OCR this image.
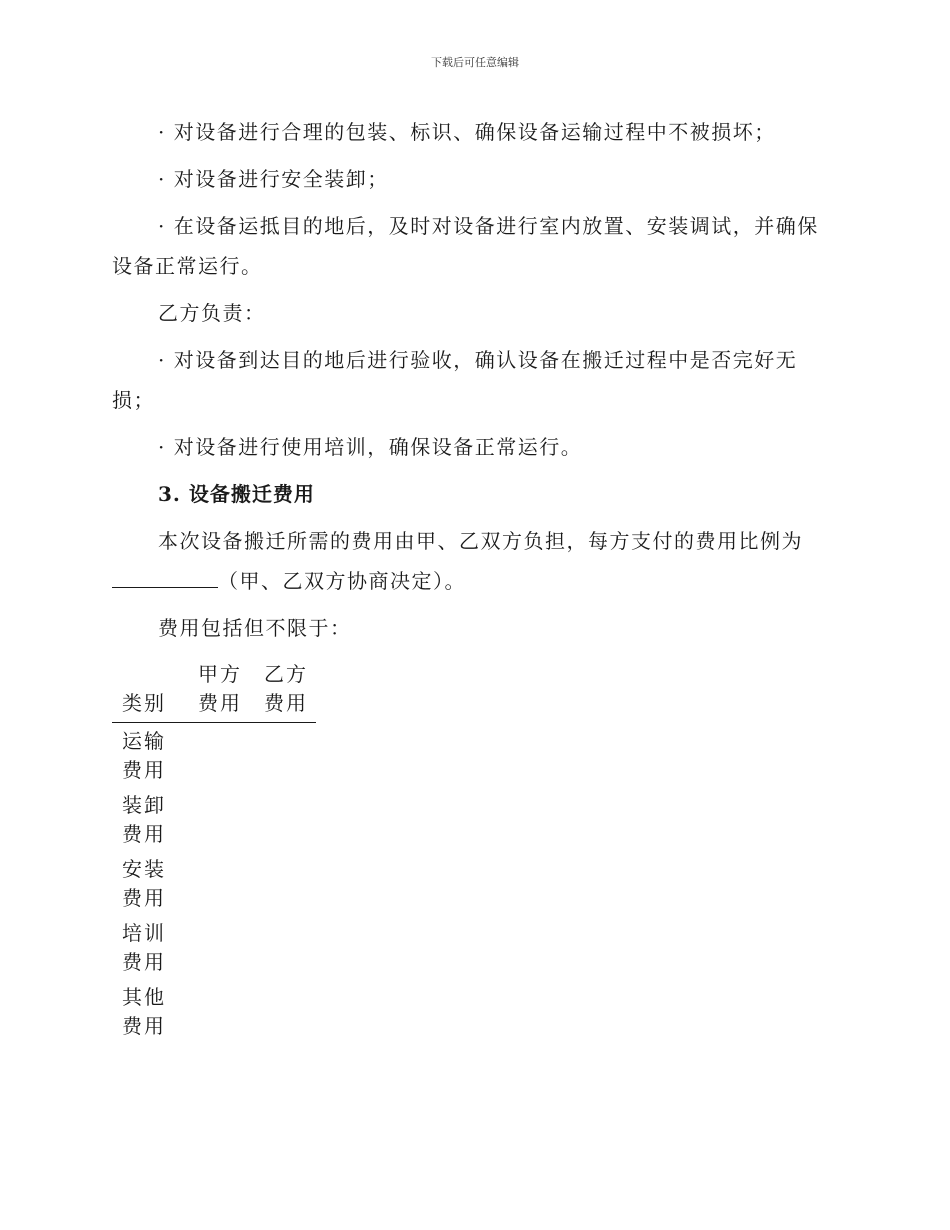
下载后可任意编辑

· 对设备进行合理的包装、标识、确保设备运输过程中不被损坏；

· 对设备进行安全装卸；

· 在设备运抵目的地后，及时对设备进行室内放置、安装调试，并确保设备正常运行。

乙方负责：

· 对设备到达目的地后进行验收，确认设备在搬迁过程中是否完好无损；

· 对设备进行使用培训，确保设备正常运行。

3. 设备搬迁费用

本次设备搬迁所需的费用由甲、乙双方负担，每方支付的费用比例为
（甲、乙双方协商决定）。

费用包括但不限于：

类别	甲方费用	乙方费用

运输费用		

装卸费用		

安装费用		

培训费用		

其他费用		
